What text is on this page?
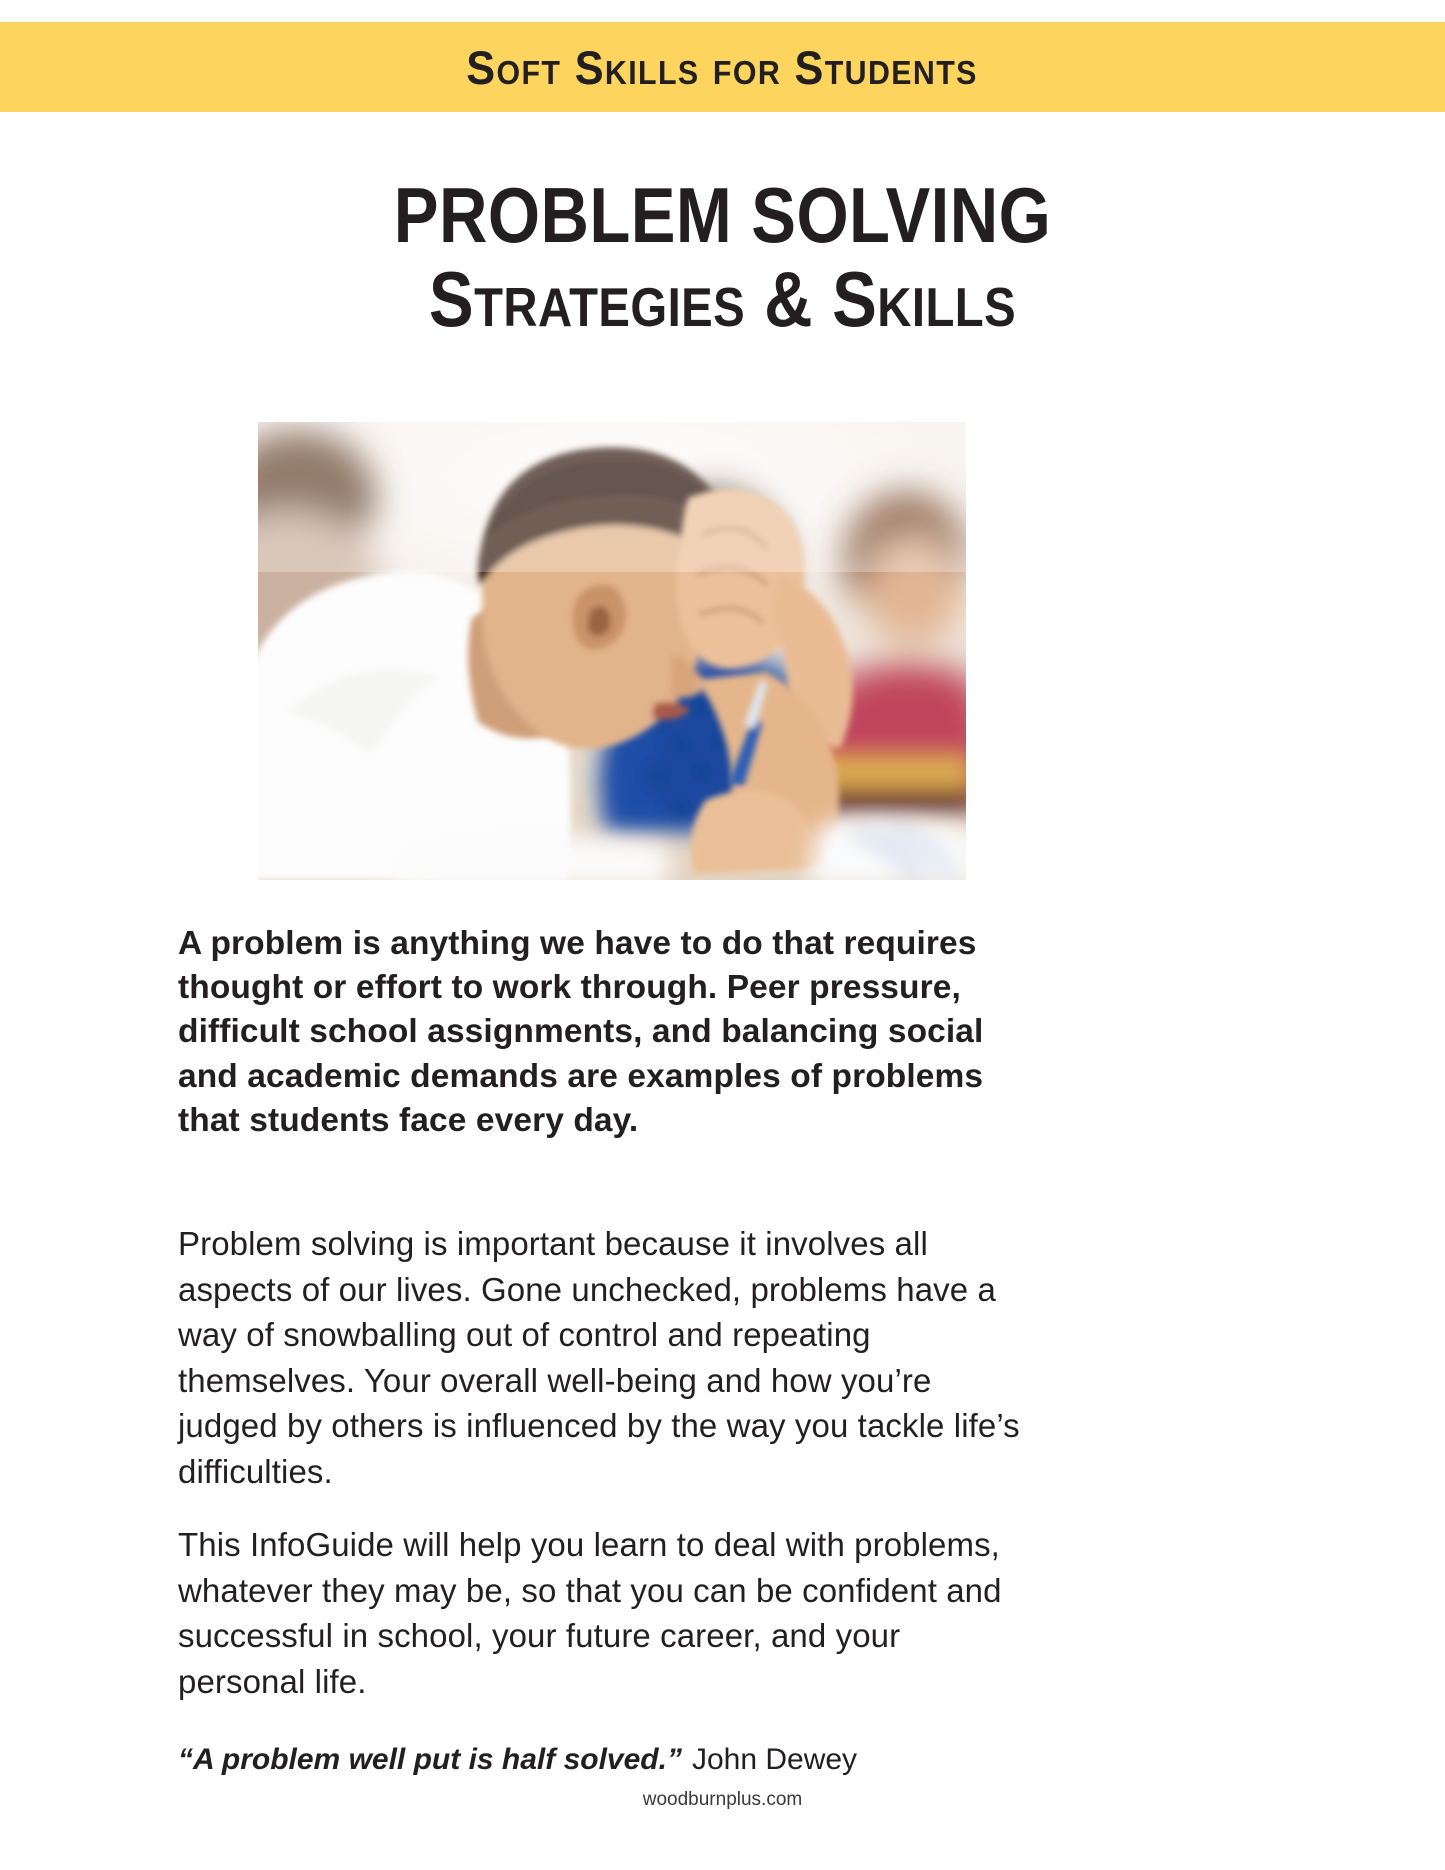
Soft Skills for Students
PROBLEM SOLVING
Strategies & Skills

A problem is anything we have to do that requires thought or effort to work through. Peer pressure, difficult school assignments, and balancing social and academic demands are examples of problems that students face every day.

Problem solving is important because it involves all aspects of our lives. Gone unchecked, problems have a way of snowballing out of control and repeating themselves. Your overall well-being and how you’re judged by others is influenced by the way you tackle life’s difficulties.

This InfoGuide will help you learn to deal with problems, whatever they may be, so that you can be confident and successful in school, your future career, and your personal life.

“A problem well put is half solved.” John Dewey

woodburnplus.com
